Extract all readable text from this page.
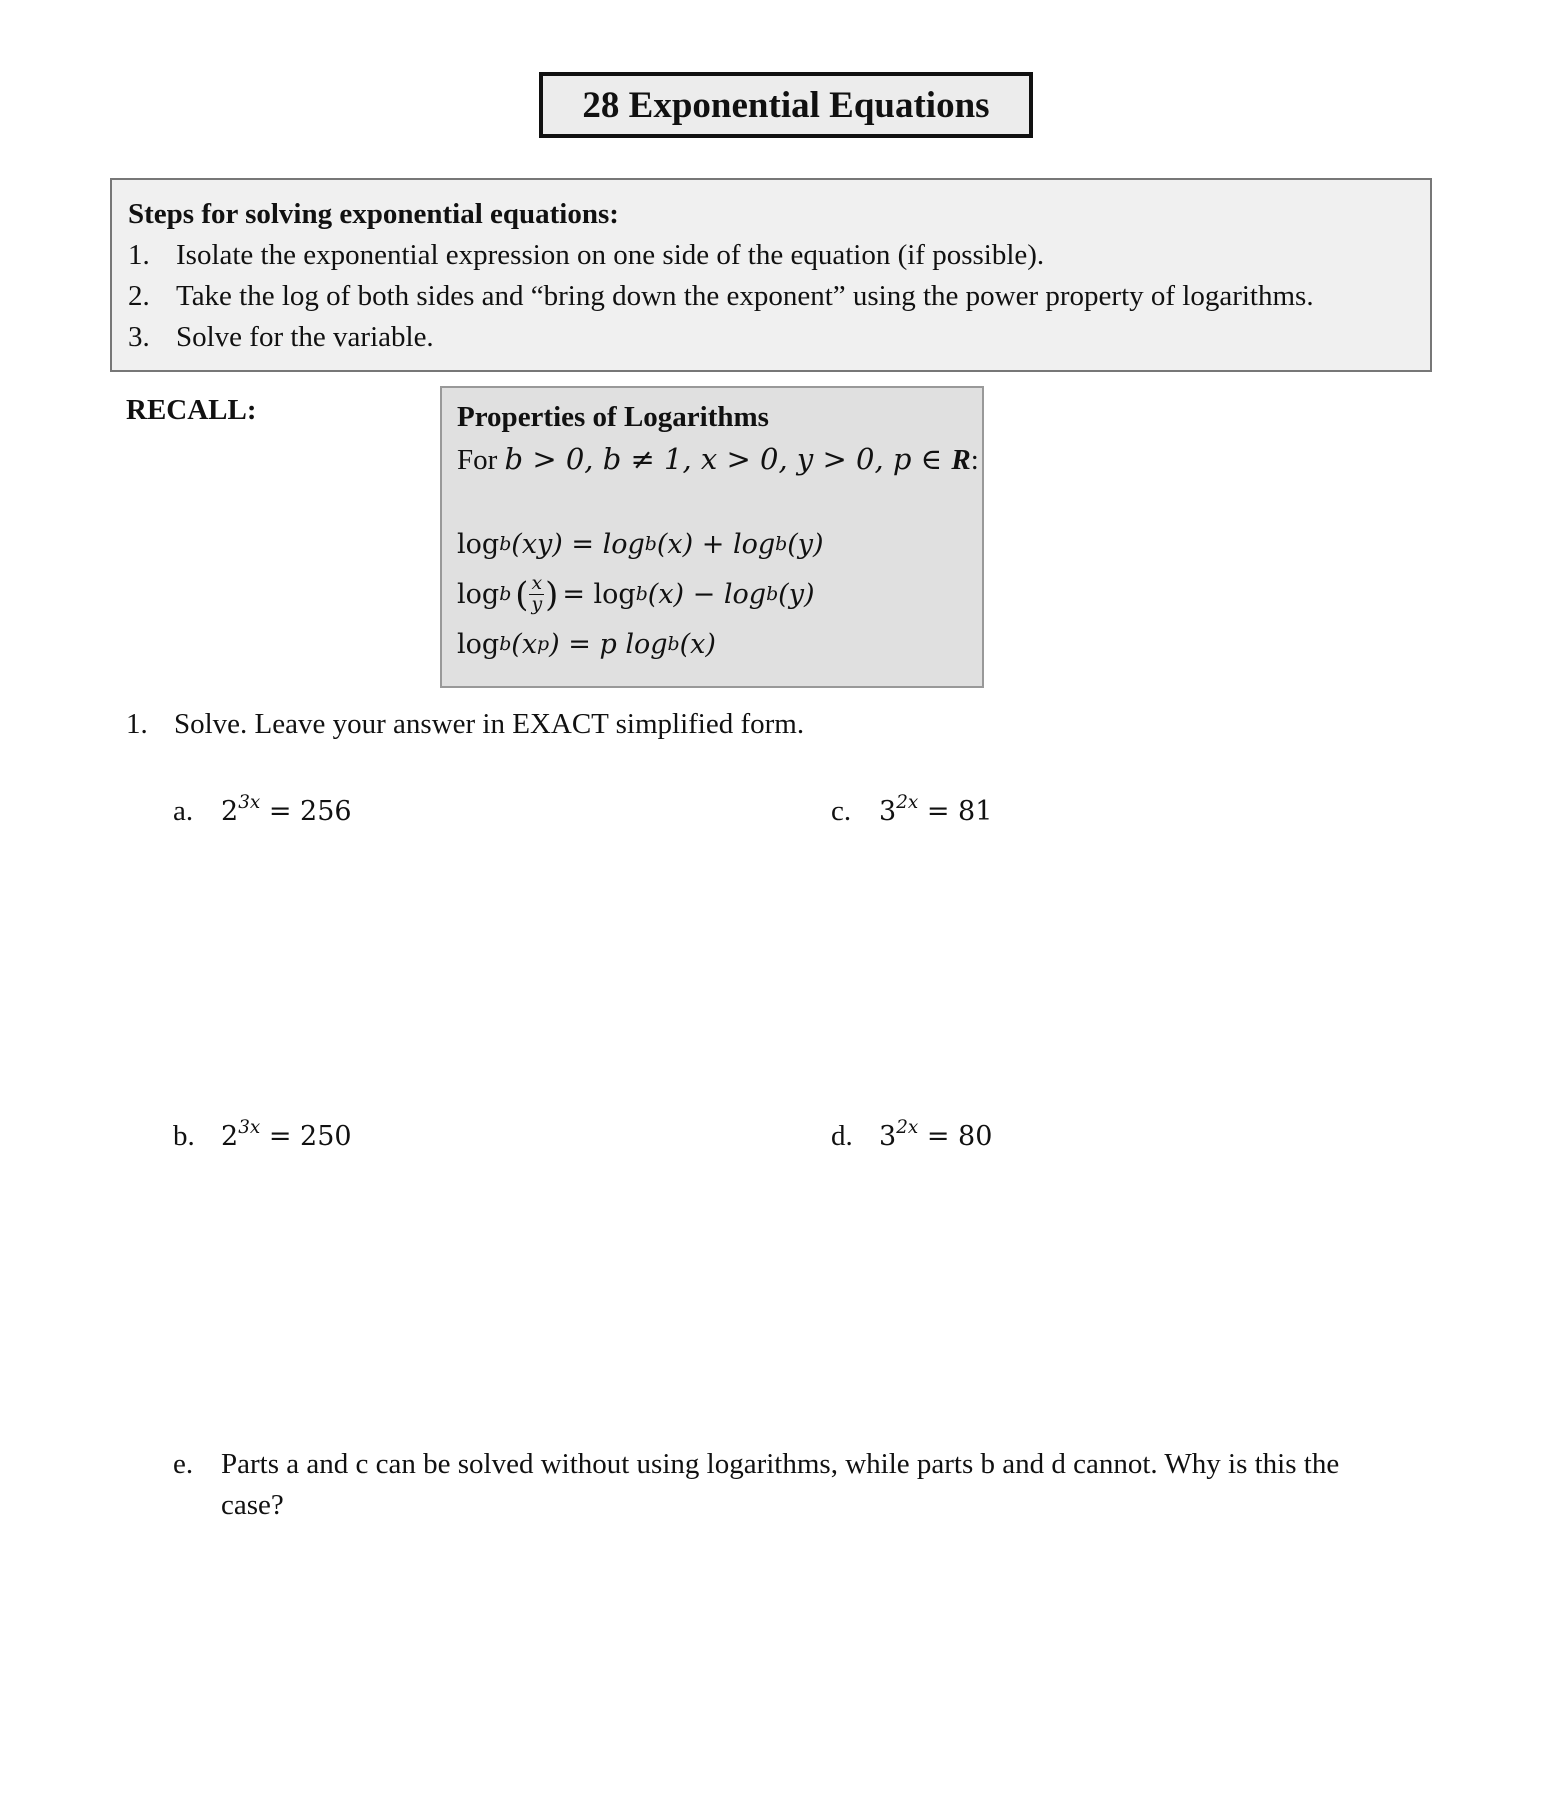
28 Exponential Equations
Steps for solving exponential equations:
1. Isolate the exponential expression on one side of the equation (if possible).
2. Take the log of both sides and “bring down the exponent” using the power property of logarithms.
3. Solve for the variable.
RECALL:	Properties of Logarithms
For b > 0, b ≠ 1, x > 0, y > 0, p ∈ R:
log b (xy) = log b (x) + log b (y)
log b ( $\frac{x}{y}$ ) = log b (x) − log b (y)
log b (x p ) = p log b (x)
1. Solve. Leave your answer in EXACT simplified form.
a.	$2^{3x} = 256$	c.	$3^{2x} = 81$
b. $2^{3x} = 250$	d. $3^{2x} = 80$
e. Parts a and c can be solved without using logarithms, while parts b and d cannot. Why is this the case?
